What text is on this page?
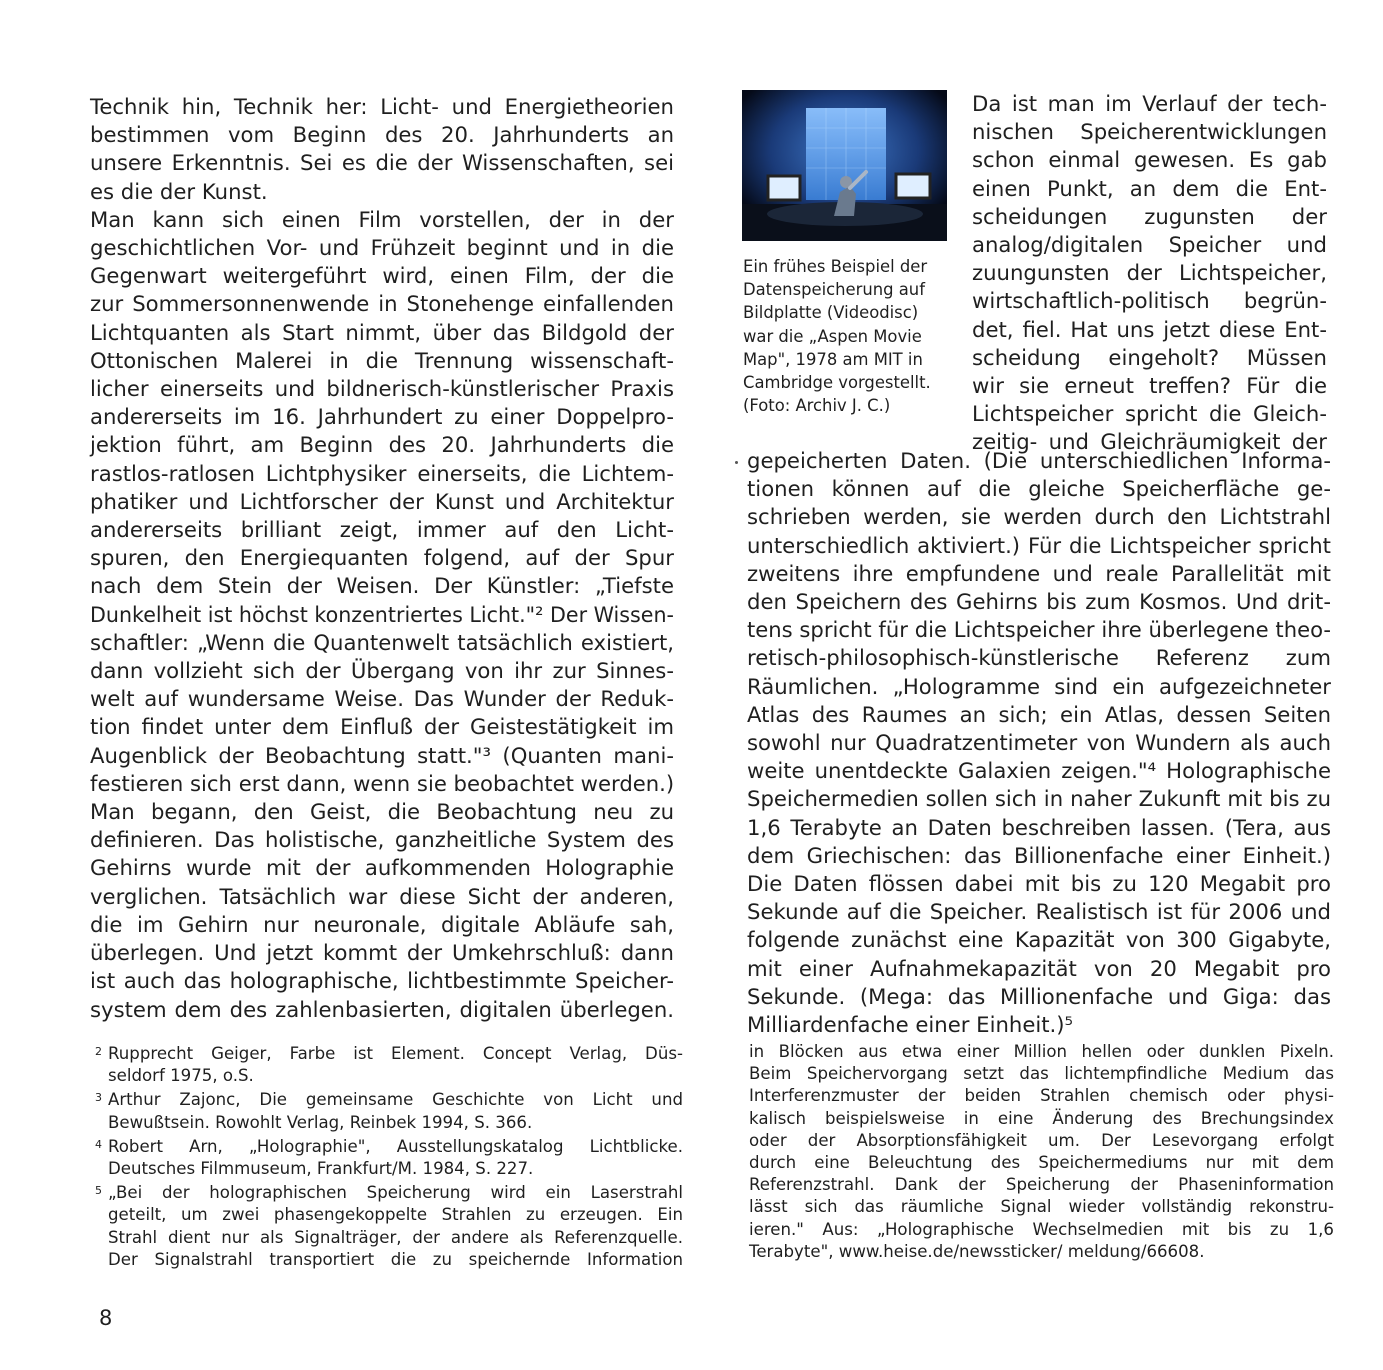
Technik hin, Technik her: Licht- und Energietheorien
bestimmen vom Beginn des 20. Jahrhunderts an
unsere Erkenntnis. Sei es die der Wissenschaften, sei
es die der Kunst.
Man kann sich einen Film vorstellen, der in der
geschichtlichen Vor- und Frühzeit beginnt und in die
Gegenwart weitergeführt wird, einen Film, der die
zur Sommersonnenwende in Stonehenge einfallenden
Lichtquanten als Start nimmt, über das Bildgold der
Ottonischen Malerei in die Trennung wissenschaft-
licher einerseits und bildnerisch-künstlerischer Praxis
andererseits im 16. Jahrhundert zu einer Doppelpro-
jektion führt, am Beginn des 20. Jahrhunderts die
rastlos-ratlosen Lichtphysiker einerseits, die Lichtem-
phatiker und Lichtforscher der Kunst und Architektur
andererseits brilliant zeigt, immer auf den Licht-
spuren, den Energiequanten folgend, auf der Spur
nach dem Stein der Weisen. Der Künstler: „Tiefste
Dunkelheit ist höchst konzentriertes Licht."² Der Wissen-
schaftler: „Wenn die Quantenwelt tatsächlich existiert,
dann vollzieht sich der Übergang von ihr zur Sinnes-
welt auf wundersame Weise. Das Wunder der Reduk-
tion findet unter dem Einfluß der Geistestätigkeit im
Augenblick der Beobachtung statt."³ (Quanten mani-
festieren sich erst dann, wenn sie beobachtet werden.)
Man begann, den Geist, die Beobachtung neu zu
definieren. Das holistische, ganzheitliche System des
Gehirns wurde mit der aufkommenden Holographie
verglichen. Tatsächlich war diese Sicht der anderen,
die im Gehirn nur neuronale, digitale Abläufe sah,
überlegen. Und jetzt kommt der Umkehrschluß: dann
ist auch das holographische, lichtbestimmte Speicher-
system dem des zahlenbasierten, digitalen überlegen.
2 Rupprecht Geiger, Farbe ist Element. Concept Verlag, Düs-
seldorf 1975, o.S.
3 Arthur Zajonc, Die gemeinsame Geschichte von Licht und
Bewußtsein. Rowohlt Verlag, Reinbek 1994, S. 366.
4 Robert Arn, „Holographie", Ausstellungskatalog Lichtblicke.
Deutsches Filmmuseum, Frankfurt/M. 1984, S. 227.
5 „Bei der holographischen Speicherung wird ein Laserstrahl
geteilt, um zwei phasengekoppelte Strahlen zu erzeugen. Ein
Strahl dient nur als Signalträger, der andere als Referenzquelle.
Der Signalstrahl transportiert die zu speichernde Information
Ein frühes Beispiel der
Datenspeicherung auf
Bildplatte (Videodisc)
war die „Aspen Movie
Map", 1978 am MIT in
Cambridge vorgestellt.
(Foto: Archiv J. C.)
Da ist man im Verlauf der tech-
nischen Speicherentwicklungen
schon einmal gewesen. Es gab
einen Punkt, an dem die Ent-
scheidungen zugunsten der
analog/digitalen Speicher und
zuungunsten der Lichtspeicher,
wirtschaftlich-politisch begrün-
det, fiel. Hat uns jetzt diese Ent-
scheidung eingeholt? Müssen
wir sie erneut treffen? Für die
Lichtspeicher spricht die Gleich-
zeitig- und Gleichräumigkeit der
gepeicherten Daten. (Die unterschiedlichen Informa-
tionen können auf die gleiche Speicherfläche ge-
schrieben werden, sie werden durch den Lichtstrahl
unterschiedlich aktiviert.) Für die Lichtspeicher spricht
zweitens ihre empfundene und reale Parallelität mit
den Speichern des Gehirns bis zum Kosmos. Und drit-
tens spricht für die Lichtspeicher ihre überlegene theo-
retisch-philosophisch-künstlerische Referenz zum
Räumlichen. „Hologramme sind ein aufgezeichneter
Atlas des Raumes an sich; ein Atlas, dessen Seiten
sowohl nur Quadratzentimeter von Wundern als auch
weite unentdeckte Galaxien zeigen."⁴ Holographische
Speichermedien sollen sich in naher Zukunft mit bis zu
1,6 Terabyte an Daten beschreiben lassen. (Tera, aus
dem Griechischen: das Billionenfache einer Einheit.)
Die Daten flössen dabei mit bis zu 120 Megabit pro
Sekunde auf die Speicher. Realistisch ist für 2006 und
folgende zunächst eine Kapazität von 300 Gigabyte,
mit einer Aufnahmekapazität von 20 Megabit pro
Sekunde. (Mega: das Millionenfache und Giga: das
Milliardenfache einer Einheit.)⁵
in Blöcken aus etwa einer Million hellen oder dunklen Pixeln.
Beim Speichervorgang setzt das lichtempfindliche Medium das
Interferenzmuster der beiden Strahlen chemisch oder physi-
kalisch beispielsweise in eine Änderung des Brechungsindex
oder der Absorptionsfähigkeit um. Der Lesevorgang erfolgt
durch eine Beleuchtung des Speichermediums nur mit dem
Referenzstrahl. Dank der Speicherung der Phaseninformation
lässt sich das räumliche Signal wieder vollständig rekonstru-
ieren." Aus: „Holographische Wechselmedien mit bis zu 1,6
Terabyte", www.heise.de/newssticker/ meldung/66608.
8
